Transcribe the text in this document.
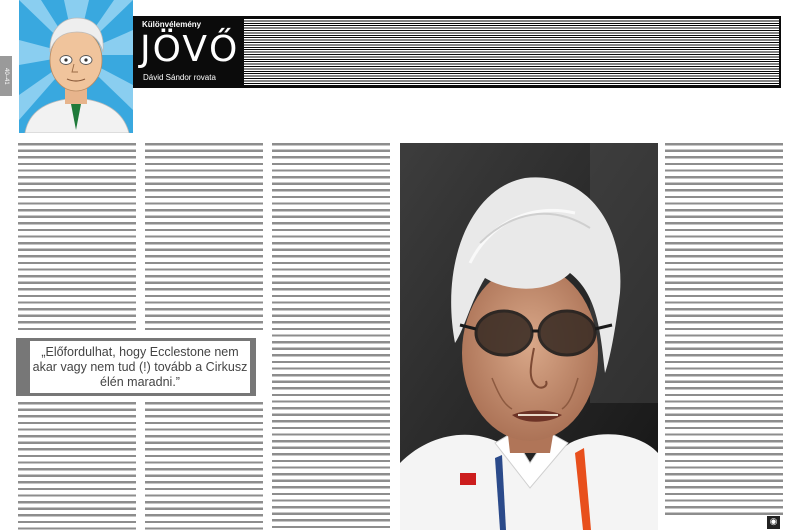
40–41
Különvélemény
JÖVŐ
Dávid Sándor rovata
„Előfordulhat, hogy Ecclestone nem akar vagy nem tud (!) tovább a Cirkusz élén maradni.”
◉
